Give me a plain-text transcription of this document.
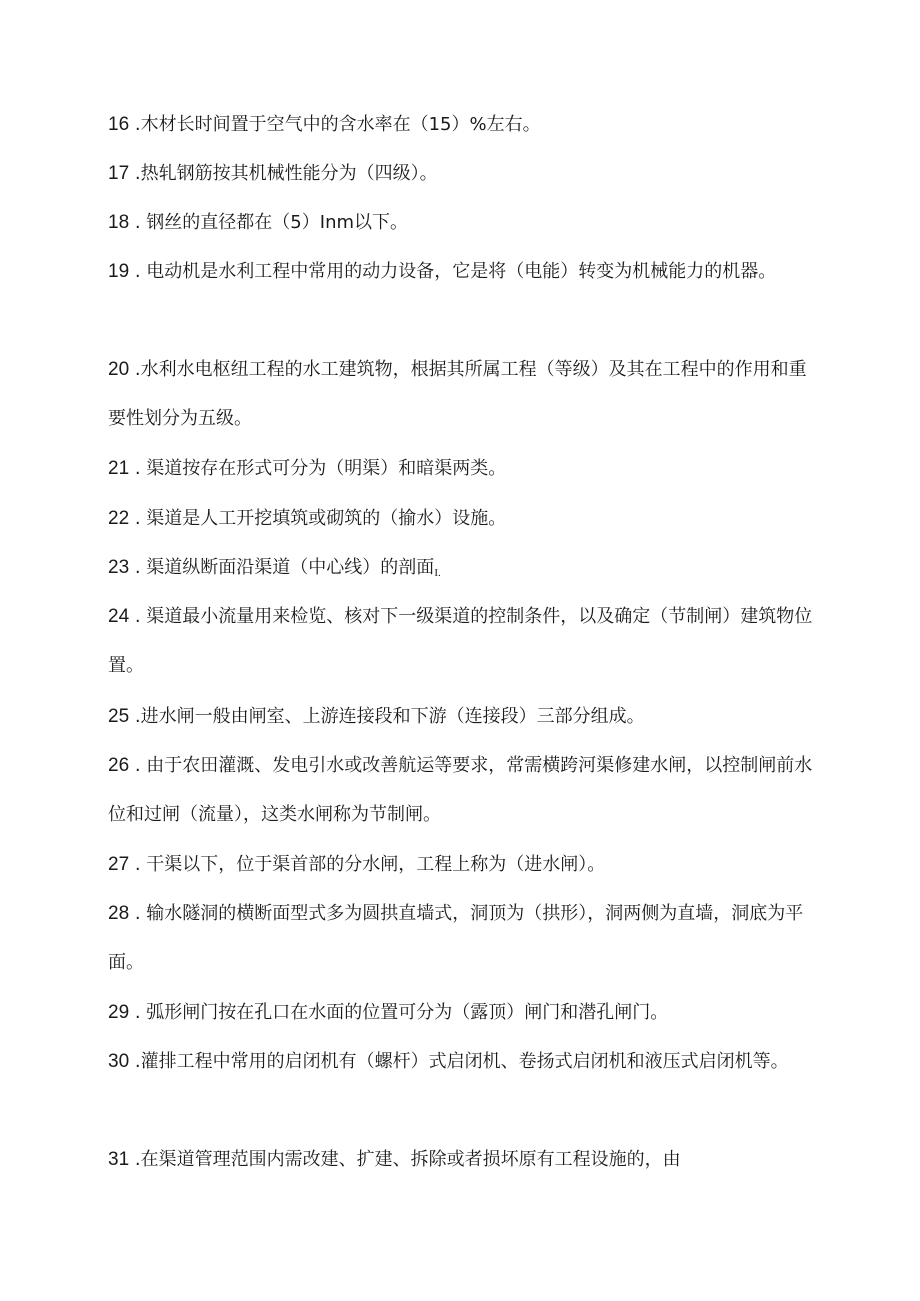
16 .木材长时间置于空气中的含水率在（15）%左右。
17 .热轧钢筋按其机械性能分为（四级）。
18 . 钢丝的直径都在（5）Inm以下。
19 . 电动机是水利工程中常用的动力设备，它是将（电能）转变为机械能力的机器。
20 .水利水电枢纽工程的水工建筑物，根据其所属工程（等级）及其在工程中的作用和重要性划分为五级。
21 . 渠道按存在形式可分为（明渠）和暗渠两类。
22 . 渠道是人工开挖填筑或砌筑的（揄水）设施。
23 . 渠道纵断面沿渠道（中心线）的剖面$_{I.}$
24 . 渠道最小流量用来检览、核对下一级渠道的控制条件，以及确定（节制闸）建筑物位置。
25 .进水闸一般由闸室、上游连接段和下游（连接段）三部分组成。
26 . 由于农田灌溉、发电引水或改善航运等要求，常需横跨河渠修建水闸，以控制闸前水位和过闸（流量），这类水闸称为节制闸。
27 . 干渠以下，位于渠首部的分水闸，工程上称为（进水闸）。
28 . 输水隧洞的横断面型式多为圆拱直墙式，洞顶为（拱形），洞两侧为直墙，洞底为平面。
29 . 弧形闸门按在孔口在水面的位置可分为（露顶）闸门和潜孔闸门。
30 .灌排工程中常用的启闭机有（螺杆）式启闭机、卷扬式启闭机和液压式启闭机等。
31 .在渠道管理范围内需改建、扩建、拆除或者损坏原有工程设施的，由
